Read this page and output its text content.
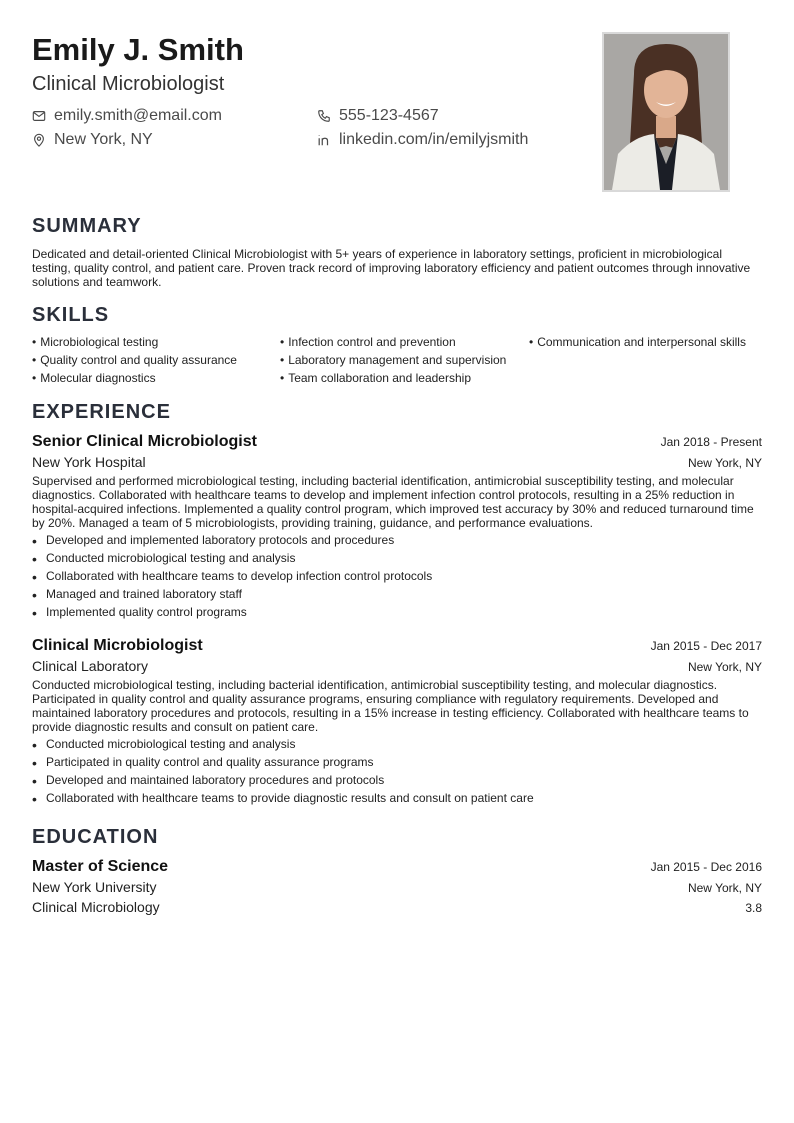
Emily J. Smith
Clinical Microbiologist
emily.smith@email.com	555-123-4567
New York, NY	linkedin.com/in/emilyjsmith
SUMMARY
Dedicated and detail-oriented Clinical Microbiologist with 5+ years of experience in laboratory settings, proficient in microbiological testing, quality control, and patient care. Proven track record of improving laboratory efficiency and patient outcomes through innovative solutions and teamwork.
SKILLS
• Microbiological testing	• Infection control and prevention	• Communication and interpersonal skills
• Quality control and quality assurance	• Laboratory management and supervision
• Molecular diagnostics	• Team collaboration and leadership
EXPERIENCE
Senior Clinical Microbiologist	Jan 2018 - Present
New York Hospital	New York, NY
Supervised and performed microbiological testing, including bacterial identification, antimicrobial susceptibility testing, and molecular diagnostics. Collaborated with healthcare teams to develop and implement infection control protocols, resulting in a 25% reduction in hospital-acquired infections. Implemented a quality control program, which improved test accuracy by 30% and reduced turnaround time by 20%. Managed a team of 5 microbiologists, providing training, guidance, and performance evaluations.
• Developed and implemented laboratory protocols and procedures
• Conducted microbiological testing and analysis
• Collaborated with healthcare teams to develop infection control protocols
• Managed and trained laboratory staff
• Implemented quality control programs
Clinical Microbiologist	Jan 2015 - Dec 2017
Clinical Laboratory	New York, NY
Conducted microbiological testing, including bacterial identification, antimicrobial susceptibility testing, and molecular diagnostics. Participated in quality control and quality assurance programs, ensuring compliance with regulatory requirements. Developed and maintained laboratory procedures and protocols, resulting in a 15% increase in testing efficiency. Collaborated with healthcare teams to provide diagnostic results and consult on patient care.
• Conducted microbiological testing and analysis
• Participated in quality control and quality assurance programs
• Developed and maintained laboratory procedures and protocols
• Collaborated with healthcare teams to provide diagnostic results and consult on patient care
EDUCATION
Master of Science	Jan 2015 - Dec 2016
New York University	New York, NY
Clinical Microbiology	3.8
